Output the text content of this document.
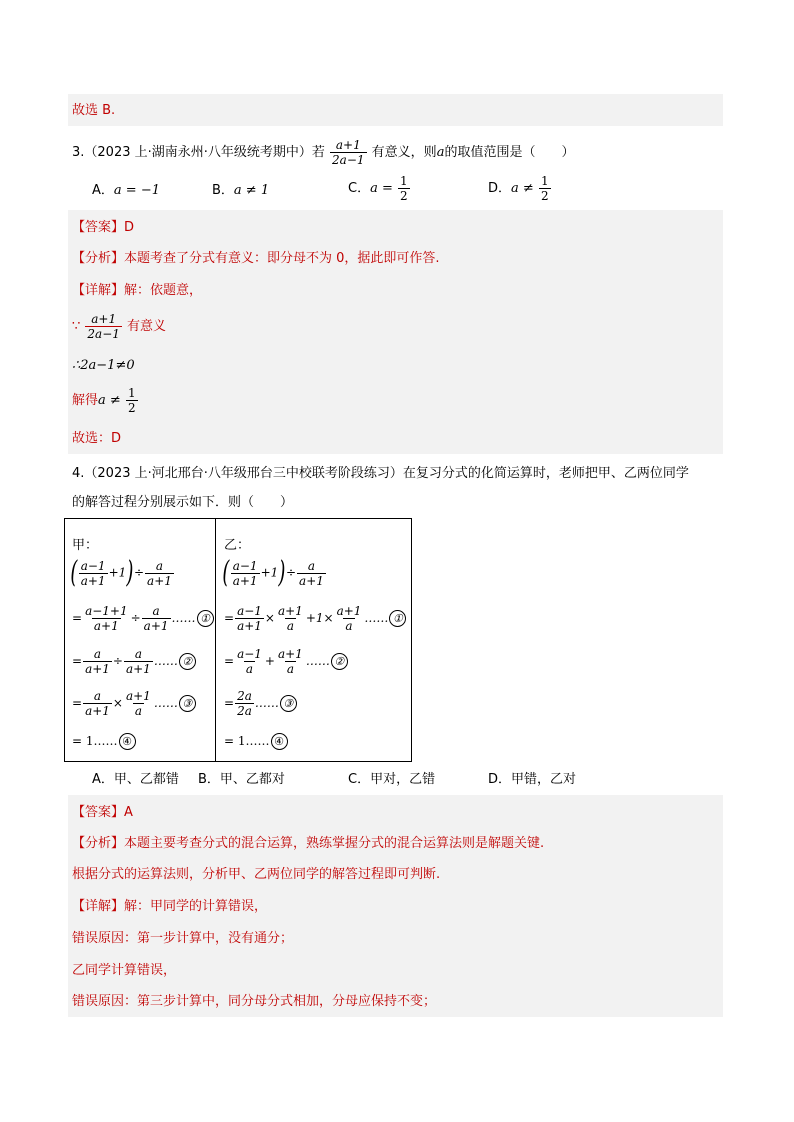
故选 B.
3.（2023 上·湖南永州·八年级统考期中）若 $\frac{a+1}{2a-1}$ 有意义，则a的取值范围是（　　）
A．a = −1	B．a ≠ 1	C．$a = \frac{1}{2}$	D．$a \ne \frac{1}{2}$
【答案】D
【分析】本题考查了分式有意义：即分母不为 0，据此即可作答.
【详解】解：依题意，
∵ $\frac{a+1}{2a-1}$ 有意义
∴2a−1≠0
解得$a \ne \frac{1}{2}$
故选：D
4.（2023 上·河北邢台·八年级邢台三中校联考阶段练习）在复习分式的化简运算时，老师把甲、乙两位同学
的解答过程分别展示如下．则（　　）
甲：
( $\frac{a-1}{a+1} +1)\div \frac{a}{a+1}$
= $\frac{a-1+1}{a+1} \div \frac{a}{a+1}$ …… ①
= $\frac{a}{a+1} \div \frac{a}{a+1}$ …… ②
= $\frac{a}{a+1} \times \frac{a+1}{a}$ …… ③
= 1…… ④
乙：
( $\frac{a-1}{a+1} +1)\div \frac{a}{a+1}$
= $\frac{a-1}{a+1} \times \frac{a+1}{a} +1\times \frac{a+1}{a}$ …… ①
= $\frac{a-1}{a} + \frac{a+1}{a}$ …… ②
= $\frac{2a}{2a}$ …… ③
= 1…… ④
A．甲、乙都错 B．甲、乙都对	C．甲对，乙错	D．甲错，乙对
【答案】A
【分析】本题主要考查分式的混合运算，熟练掌握分式的混合运算法则是解题关键.
根据分式的运算法则，分析甲、乙两位同学的解答过程即可判断.
【详解】解：甲同学的计算错误，
错误原因：第一步计算中，没有通分；
乙同学计算错误，
错误原因：第三步计算中，同分母分式相加，分母应保持不变；
